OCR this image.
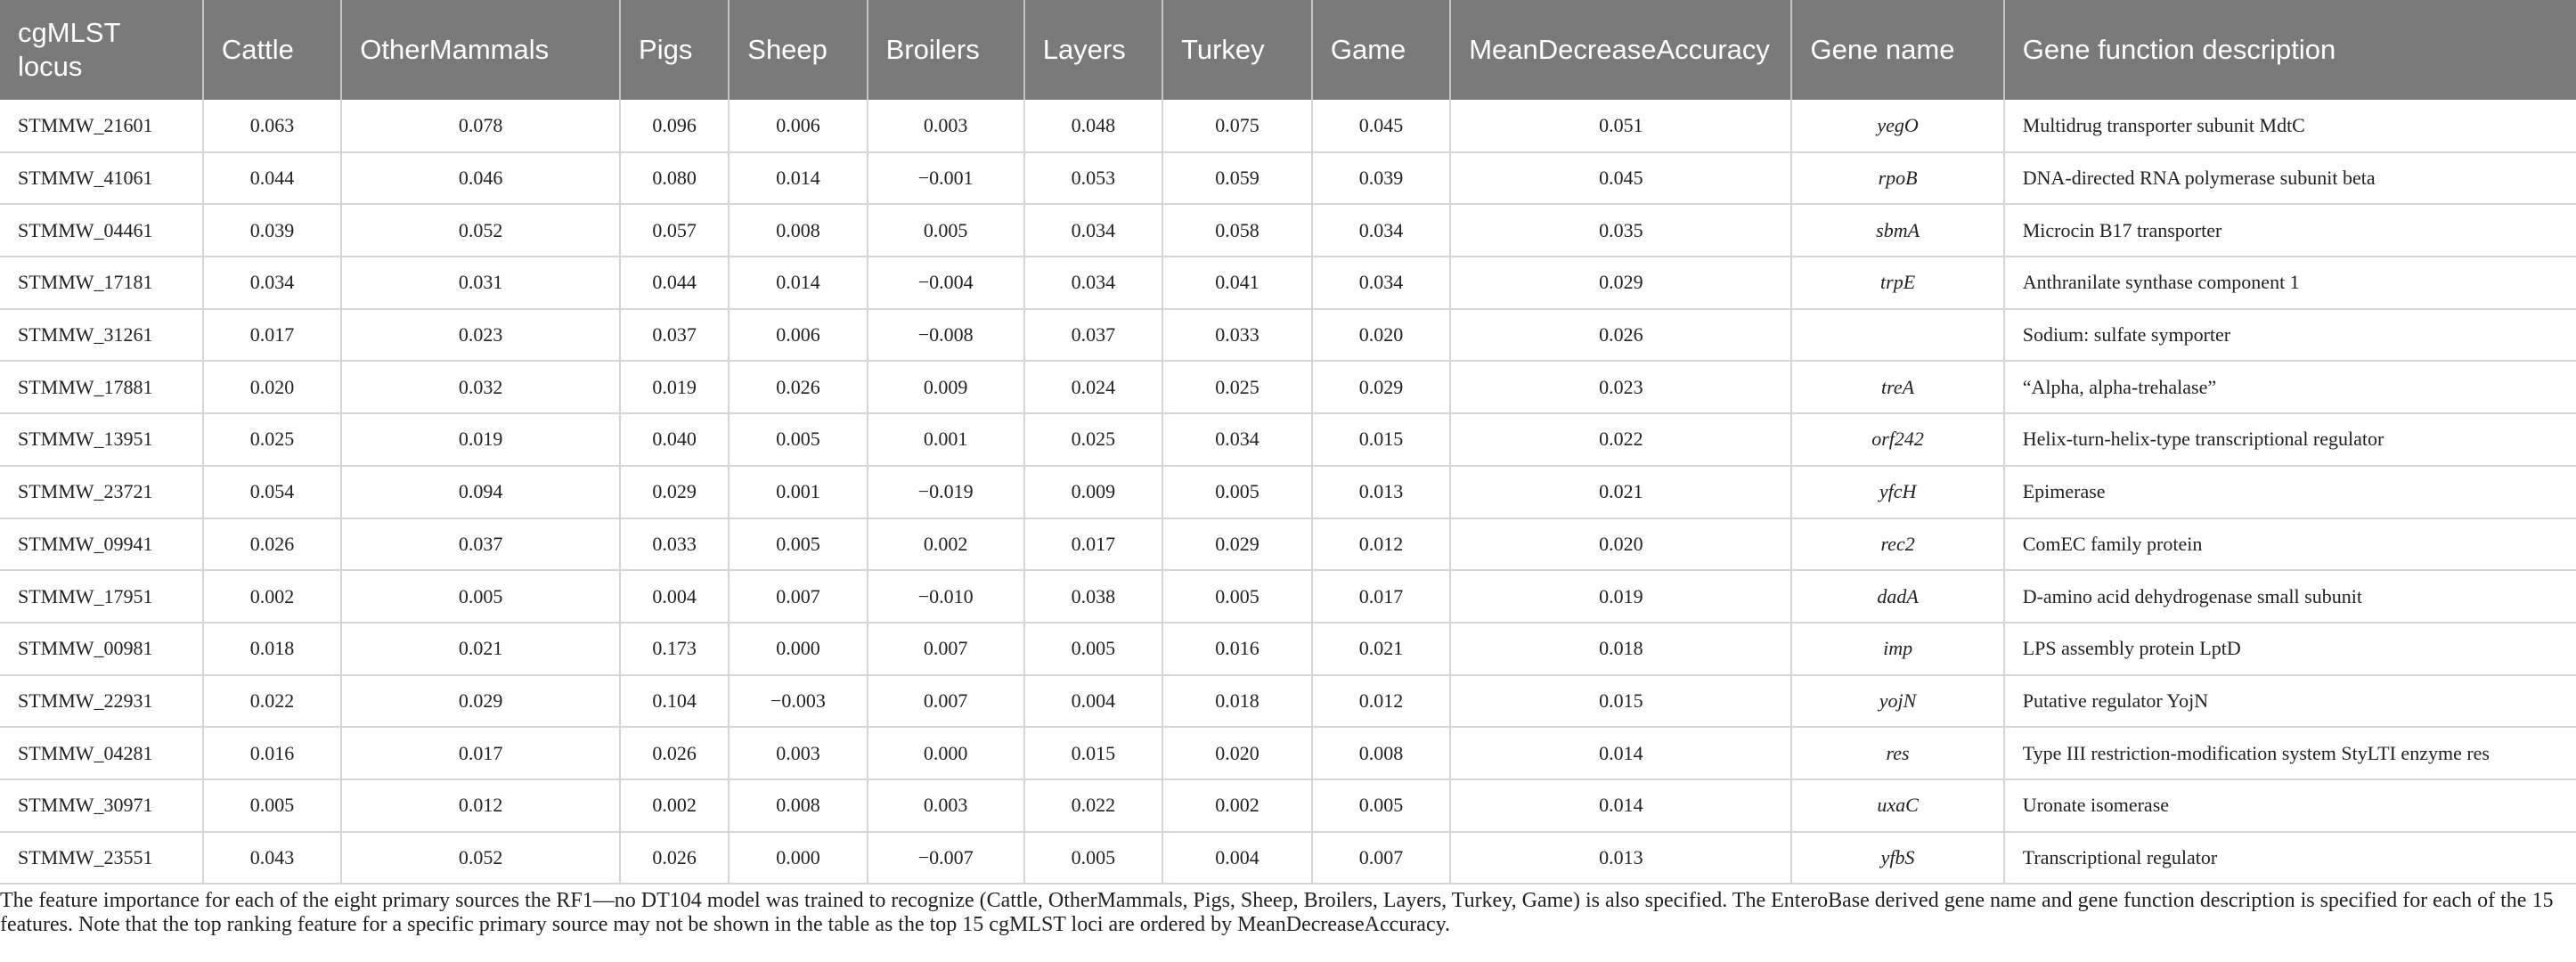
cgMLST locus	Cattle	OtherMammals	Pigs	Sheep	Broilers	Layers	Turkey	Game	MeanDecreaseAccuracy	Gene name	Gene function description
STMMW_21601	0.063	0.078	0.096	0.006	0.003	0.048	0.075	0.045	0.051	yegO	Multidrug transporter subunit MdtC
STMMW_41061	0.044	0.046	0.080	0.014	−0.001	0.053	0.059	0.039	0.045	rpoB	DNA-directed RNA polymerase subunit beta
STMMW_04461	0.039	0.052	0.057	0.008	0.005	0.034	0.058	0.034	0.035	sbmA	Microcin B17 transporter
STMMW_17181	0.034	0.031	0.044	0.014	−0.004	0.034	0.041	0.034	0.029	trpE	Anthranilate synthase component 1
STMMW_31261	0.017	0.023	0.037	0.006	−0.008	0.037	0.033	0.020	0.026		Sodium: sulfate symporter
STMMW_17881	0.020	0.032	0.019	0.026	0.009	0.024	0.025	0.029	0.023	treA	“Alpha, alpha-trehalase”
STMMW_13951	0.025	0.019	0.040	0.005	0.001	0.025	0.034	0.015	0.022	orf242	Helix-turn-helix-type transcriptional regulator
STMMW_23721	0.054	0.094	0.029	0.001	−0.019	0.009	0.005	0.013	0.021	yfcH	Epimerase
STMMW_09941	0.026	0.037	0.033	0.005	0.002	0.017	0.029	0.012	0.020	rec2	ComEC family protein
STMMW_17951	0.002	0.005	0.004	0.007	−0.010	0.038	0.005	0.017	0.019	dadA	D-amino acid dehydrogenase small subunit
STMMW_00981	0.018	0.021	0.173	0.000	0.007	0.005	0.016	0.021	0.018	imp	LPS assembly protein LptD
STMMW_22931	0.022	0.029	0.104	−0.003	0.007	0.004	0.018	0.012	0.015	yojN	Putative regulator YojN
STMMW_04281	0.016	0.017	0.026	0.003	0.000	0.015	0.020	0.008	0.014	res	Type III restriction-modification system StyLTI enzyme res
STMMW_30971	0.005	0.012	0.002	0.008	0.003	0.022	0.002	0.005	0.014	uxaC	Uronate isomerase
STMMW_23551	0.043	0.052	0.026	0.000	−0.007	0.005	0.004	0.007	0.013	yfbS	Transcriptional regulator
The feature importance for each of the eight primary sources the RF1—no DT104 model was trained to recognize (Cattle, OtherMammals, Pigs, Sheep, Broilers, Layers, Turkey, Game) is also specified. The EnteroBase derived gene name and gene function description is specified for each of the 15 features. Note that the top ranking feature for a specific primary source may not be shown in the table as the top 15 cgMLST loci are ordered by MeanDecreaseAccuracy.
